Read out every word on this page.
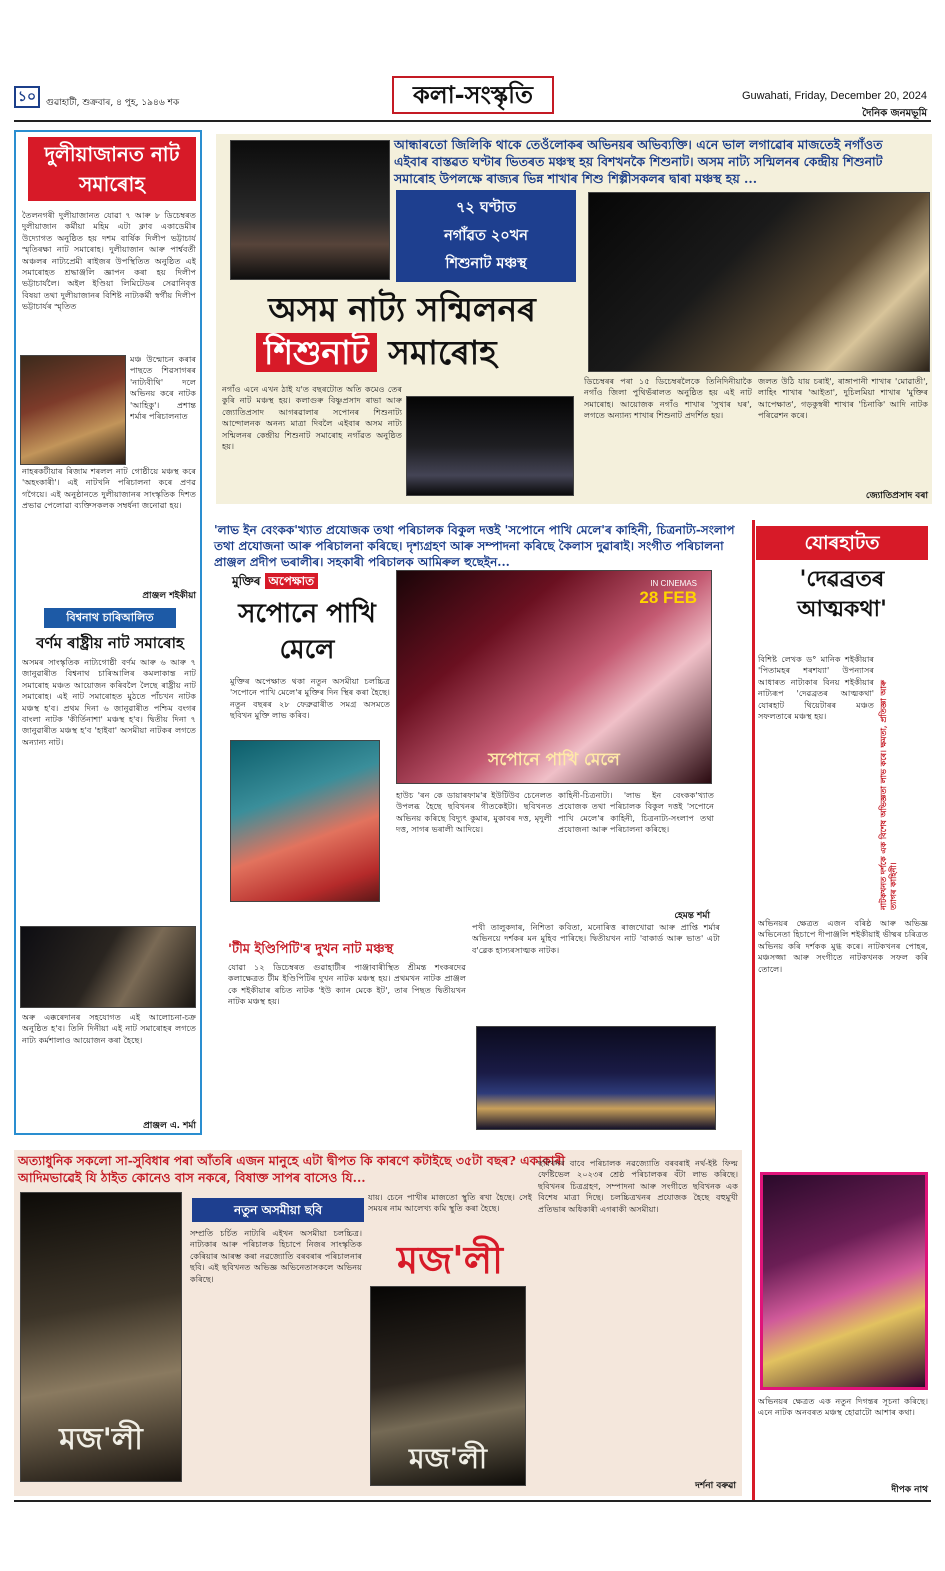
১০	গুৱাহাটী, শুক্ৰবাৰ, ৪ পুহ, ১৯৪৬ শক	কলা-সংস্কৃতি	Guwahati, Friday, December 20, 2024
দৈনিক জনমভূমি
দুলীয়াজানত নাট সমাৰোহ
তৈলনগৰী দুলীয়াজানত যোৱা ৭ আৰু ৮ ডিচেম্বৰত দুলীয়াজান কৰ্মীয়া মহিম এটা ক্লাব একাডেমীৰ উদ্যোগত অনুষ্ঠিত হয় দশম বাৰ্ষিক দিলীপ ভট্টাচাৰ্য স্মৃতিৰক্ষা নাট সমাৰোহ। দুলীয়াজান আৰু পাৰ্শ্ববৰ্তী অঞ্চলৰ নাট্যপ্ৰেমী ৰাইজৰ উপস্থিতিত অনুষ্ঠিত এই সমাৰোহত শ্ৰদ্ধাঞ্জলি জ্ঞাপন কৰা হয় দিলীপ ভট্টাচাৰ্যলৈ। অইল ইণ্ডিয়া লিমিটেডৰ সেৱানিবৃত্ত বিষয়া তথা দুলীয়াজানৰ বিশিষ্ট নাট্যকৰ্মী স্বৰ্গীয় দিলীপ ভট্টাচাৰ্যৰ স্মৃতিত
মঞ্চ উন্মোচন কৰাৰ পাছতে শিৱসাগৰৰ 'নাট্যবীথি' দলে অভিনয় কৰে নাটক 'আহিকু'। প্ৰশান্ত শৰ্মাৰ পৰিচালনাত
নাহৰকটীয়াৰ ৰিজাম শৰলল নাট গোষ্ঠীয়ে মঞ্চস্থ কৰে 'অহংকাৰী'। এই নাটখনি পৰিচালনা কৰে প্ৰণৱ গগৈয়ে। এই অনুষ্ঠানতে দুলীয়াজানৰ সাংস্কৃতিক দিশত প্ৰভাৱ পেলোৱা ব্যক্তিসকলক সম্বৰ্ধনা জনোৱা হয়।
প্ৰাঞ্জল শইকীয়া
বিশ্বনাথ চাৰিআলিত
বৰ্ণম ৰাষ্ট্ৰীয় নাট সমাৰোহ
অসমৰ সাংস্কৃতিক নাট্যগোষ্ঠী বৰ্ণম আৰু ৬ আৰু ৭ জানুৱাৰীত বিশ্বনাথ চাৰিআলিৰ কমলাকান্ত নাট সমাৰোহ মঞ্চত আয়োজন কৰিবলৈ লৈছে ৰাষ্ট্ৰীয় নাট সমাৰোহ। এই নাট সমাৰোহত মুঠতে পাঁচখন নাটক মঞ্চস্থ হ'ব। প্ৰথম দিনা ৬ জানুৱাৰীত পশ্চিম বংগৰ বাংলা নাটক 'কীৰ্তিনাশা' মঞ্চস্থ হ'ব। দ্বিতীয় দিনা ৭ জানুৱাৰীত মঞ্চস্থ হ'ব 'হাইবা' অসমীয়া নাটকৰ লগতে অন্যান্য নাট।
অৰু এক্কৰেদানৰ সহযোগত এই আলোচনা-চক্ৰ অনুষ্ঠিত হ'ব। তিনি দিনীয়া এই নাট সমাৰোহৰ লগতে নাট্য কৰ্মশালাও আয়োজন কৰা হৈছে।
প্ৰাঞ্জল এ. শৰ্মা
আন্ধাৰতো জিলিকি থাকে তেওঁলোকৰ অভিনয়ৰ অভিব্যক্তি। এনে ভাল লগাৱোৰ মাজতেই নগাঁওত এইবাৰ বাস্তৱত ঘণ্টাৰ ভিতৰত মঞ্চস্থ হয় বিশখনকৈ শিশুনাট। অসম নাট্য সন্মিলনৰ কেন্দ্ৰীয় শিশুনাট সমাৰোহ উপলক্ষে ৰাজ্যৰ ভিন্ন শাখাৰ শিশু শিল্পীসকলৰ দ্বাৰা মঞ্চস্থ হয় ...
৭২ ঘণ্টাত
নগাঁৱত ২০খন
শিশুনাট মঞ্চস্থ
অসম নাট্য সন্মিলনৰ
শিশুনাট সমাৰোহ
নগাঁও এনে এখন ঠাই য'ত বছৰটোত অতি কমেও তেৰ কুৰি নাট মঞ্চস্থ হয়। কলাগুৰু বিষ্ণুপ্ৰসাদ ৰাভা আৰু জ্যোতিপ্ৰসাদ আগৰৱালাৰ সপোনৰ শিশুনাট্য আন্দোলনক অনন্য মাত্ৰা দিবলৈ এইবাৰ অসম নাট্য সন্মিলনৰ কেন্দ্ৰীয় শিশুনাট সমাৰোহ নগাঁৱত অনুষ্ঠিত হয়।
ডিচেম্বৰৰ পৰা ১৫ ডিচেম্বৰলৈকে তিনিদিনীয়াকৈ নগাঁও জিলা পুথিভঁৰালত অনুষ্ঠিত হয় এই নাট সমাৰোহ। আয়োজক নগাঁও শাখাৰ 'সুখাৰ ঘৰ', লগতে অন্যান্য শাখাৰ শিশুনাট প্ৰদৰ্শিত হয়।
জলত উঠি যায় চৰাই', ৰাঙ্গাপানী শাখাৰ 'মোৱাতী', লাহিং শাখাৰ 'আইতা', দুচিলমিয়া শাখাৰ 'মুক্তিৰ আপেক্ষাত', গড়কুস্বৰী শাখাৰ 'চিনাকি' আদি নাটক পৰিৱেশন কৰে।
জ্যোতিপ্ৰসাদ বৰা
'লাভ ইন বেংকক'খ্যাত প্ৰযোজক তথা পৰিচালক বিকুল দত্তই 'সপোনে পাখি মেলে'ৰ কাহিনী, চিত্ৰনাট্য-সংলাপ তথা প্ৰযোজনা আৰু পৰিচালনা কৰিছে। দৃশ্যগ্ৰহণ আৰু সম্পাদনা কৰিছে কৈলাস দুৱাৰাই। সংগীত পৰিচালনা প্ৰাঞ্জল প্ৰদীপ ভৰালীৰ। সহকাৰী পৰিচালক আমিৰুল হুছেইন...
মুক্তিৰ অপেক্ষাত
সপোনে পাখি মেলে
মুক্তিৰ অপেক্ষাত থকা নতুন অসমীয়া চলচ্চিত্ৰ 'সপোনে পাখি মেলে'ৰ মুক্তিৰ দিন স্থিৰ কৰা হৈছে। নতুন বছৰৰ ২৮ ফেব্ৰুৱাৰীত সমগ্ৰ অসমতে ছবিখন মুক্তি লাভ কৰিব।
IN CINEMAS
28 FEB
সপোনে পাখি মেলে
হাউচ 'ৰন কে ডায়াৰফাম'ৰ ইউটিউব চেনেলত উপলব্ধ হৈছে ছবিখনৰ গীতকেইটা। ছবিখনত অভিনয় কৰিছে বিদ্যুৎ কুমাৰ, মুকাবৰ দত্ত, মৃদুলী দত্ত, সাগৰ ভৰালী আদিয়ে।
কাহিনী-চিত্ৰনাট্য। 'লাভ ইন বেংকক'খ্যাত প্ৰযোজক তথা পৰিচালক বিকুল দত্তই 'সপোনে পাখি মেলে'ৰ কাহিনী, চিত্ৰনাট্য-সংলাপ তথা প্ৰযোজনা আৰু পৰিচালনা কৰিছে।
হেমন্ত শৰ্মা
'টীম ইণ্ডিপিটি'ৰ দুখন নাট মঞ্চস্থ
যোৱা ১২ ডিচেম্বৰত গুৱাহাটীৰ পাঞ্জাবাৰীস্থিত শ্ৰীমন্ত শংকৰদেৱ কলাক্ষেত্ৰত টীম ইণ্ডিপিটিৰ দুখন নাটক মঞ্চস্থ হয়। প্ৰথমখন নাটক প্ৰাঞ্জল কে শইকীয়াৰ ৰচিত নাটক 'ইউ ক্যান মেকে ইট', তাৰ পিছত দ্বিতীয়খন নাটক মঞ্চস্থ হয়।
পখী তালুকদাৰ, নিশিতা কবিতা, মনোৰিত্ত ৰাজখোৱা আৰু প্ৰাপ্তি শৰ্মাৰ অভিনয়ে দৰ্শকৰ মন মুহিব পাৰিছে। দ্বিতীয়খন নাট 'বাকাৰ্ড আৰু ভাত' এটা ব'ব্লেক হাস্যৰসাত্মক নাটক।
যোৰহাটত
'দেৱব্ৰতৰ আত্মকথা'
বিশিষ্ট লেখক ড° মানিক শইকীয়াৰ 'পিতামহৰ শৰশয্যা' উপন্যাসৰ আধাৰত নাট্যকাৰ বিনয় শইকীয়াৰ নাট্যৰূপ 'দেৱব্ৰতৰ আত্মকথা' যোৰহাট থিয়েটাৰৰ মঞ্চত সফলতাৰে মঞ্চস্থ হয়।	নাটকখনত দৰ্শকে এক বিশেষ অভিজ্ঞতা লাভ কৰে। ক্ষমতা, প্ৰতিজ্ঞা আৰু ত্যাগৰ কাহিনী।
অভিনয়ৰ ক্ষেত্ৰত এজন বৰিষ্ঠ আৰু অভিজ্ঞ অভিনেতা হিচাপে দীপাঞ্জলি শইকীয়াই ভীষ্মৰ চৰিত্ৰত অভিনয় কৰি দৰ্শকক মুগ্ধ কৰে। নাটকখনৰ পোহৰ, মঞ্চসজ্জা আৰু সংগীতে নাটকখনক সফল কৰি তোলে।
অভিনয়ৰ ক্ষেত্ৰত এক নতুন দিগন্তৰ সূচনা কৰিছে। এনে নাটক অনবৰত মঞ্চস্থ হোৱাটো আশাৰ কথা।
দীপক নাথ
অত্যাধুনিক সকলো সা-সুবিধাৰ পৰা আঁতৰি এজন মানুহে এটা দ্বীপত কি কাৰণে কটাইছে ৩৫টা বছৰ? একাকাৰী আদিমভাৱেই যি ঠাইত কোনেও বাস নকৰে, বিষাক্ত সাপৰ বাসেও যি...
মজ'লী
নতুন অসমীয়া ছবি
সম্প্ৰতি চৰ্চিত নাট্যৰি এইখন অসমীয়া চলচ্চিত্ৰ। নাট্যকাৰ আৰু পৰিচালক হিচাপে নিজৰ সাংস্কৃতিক কেৰিয়াৰ আৰম্ভ কৰা নৱজ্যোতি বৰবৰাৰ পৰিচালনাৰ ছবি। এই ছবিখনত অভিজ্ঞ অভিনেতাসকলে অভিনয় কৰিছে।
যায়। চেনে পাখীৰ মাজতো স্থুতি ৰখা হৈছে। সেই সময়ৰ নাম আলেখ্য কমি স্থুতি কৰা হৈছে।
মজ'লী
মজ'লী
ছবিখনৰ বাবে পৰিচালক নৱজ্যোতি বৰবৰাই নৰ্থ-ইষ্ট ফিল্ম ফেষ্টিভেল ২০২৩ৰ শ্ৰেষ্ঠ পৰিচালকৰ বঁটা লাভ কৰিছে। ছবিখনৰ চিত্ৰগ্ৰহণ, সম্পাদনা আৰু সংগীতে ছবিখনক এক বিশেষ মাত্ৰা দিছে। চলচ্চিত্ৰখনৰ প্ৰযোজক হৈছে বহুমুখী প্ৰতিভাৰ অধিকাৰী এগৰাকী অসমীয়া।
দৰ্শনা বৰুৱা
